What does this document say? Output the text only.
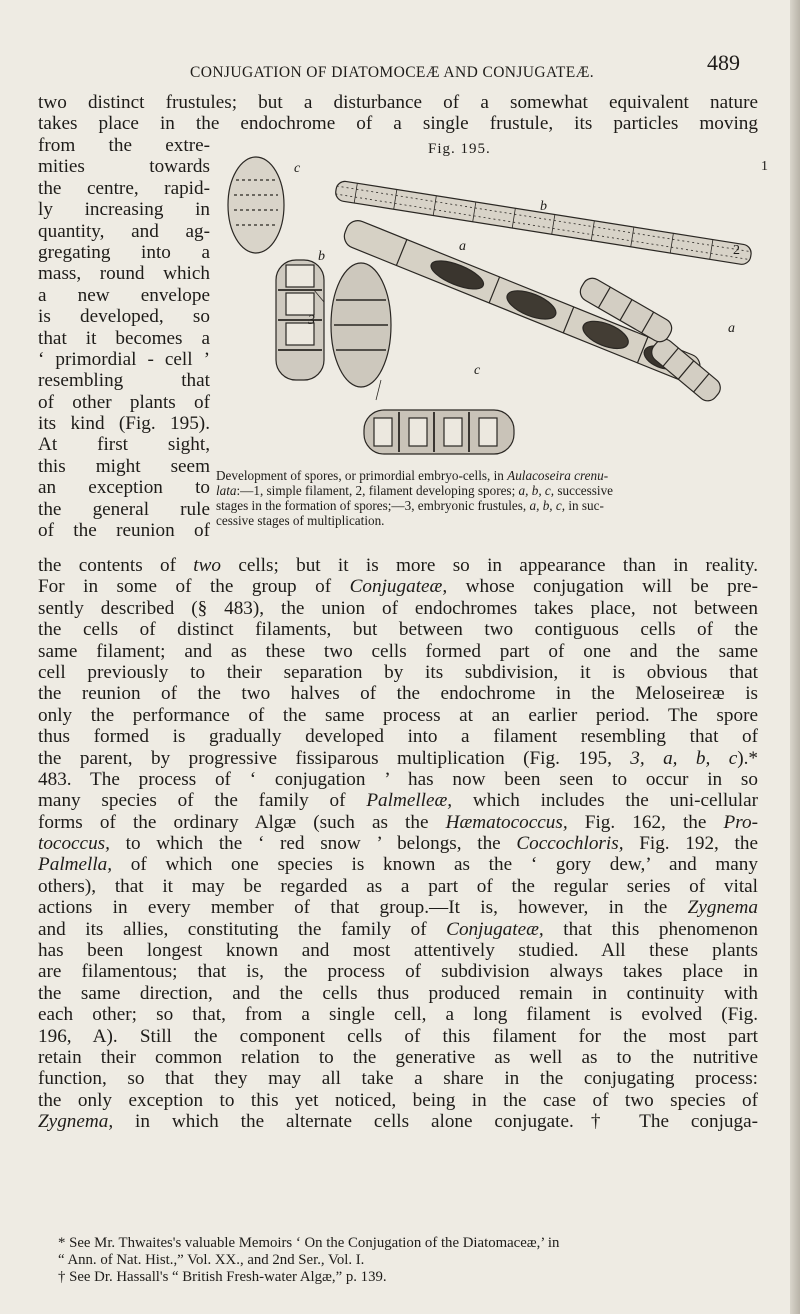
CONJUGATION OF DIATOMOCEÆ AND CONJUGATEÆ.	489
two distinct frustules; but a disturbance of a somewhat equivalent nature
takes place in the endochrome of a single frustule, its particles moving
from the extre-
mities towards
the centre, rapid-
ly increasing in
quantity, and ag-
gregating into a
mass, round which
a new envelope
is developed, so
that it becomes a
‘ primordial - cell ’
resembling that
of other plants of
its kind (Fig. 195).
At first sight,
this might seem
an exception to
the general rule
of the reunion of
Fig. 195.
c	1
b
b
a	2
a
3
c
Development of spores, or primordial embryo-cells, in Aulacoseira crenu-
lata:—1, simple filament, 2, filament developing spores; a, b, c, successive
stages in the formation of spores;—3, embryonic frustules, a, b, c, in suc-
cessive stages of multiplication.
the contents of two cells; but it is more so in appearance than in reality.
For in some of the group of Conjugateæ, whose conjugation will be pre-
sently described (§ 483), the union of endochromes takes place, not between
the cells of distinct filaments, but between two contiguous cells of the
same filament; and as these two cells formed part of one and the same
cell previously to their separation by its subdivision, it is obvious that
the reunion of the two halves of the endochrome in the Meloseireæ is
only the performance of the same process at an earlier period. The spore
thus formed is gradually developed into a filament resembling that of
the parent, by progressive fissiparous multiplication (Fig. 195, 3, a, b, c).*
483. The process of ‘ conjugation ’ has now been seen to occur in so
many species of the family of Palmelleæ, which includes the uni-cellular
forms of the ordinary Algæ (such as the Hæmatococcus, Fig. 162, the Pro-
tococcus, to which the ‘ red snow ’ belongs, the Coccochloris, Fig. 192, the
Palmella, of which one species is known as the ‘ gory dew,’ and many
others), that it may be regarded as a part of the regular series of vital
actions in every member of that group.—It is, however, in the Zygnema
and its allies, constituting the family of Conjugateæ, that this phenomenon
has been longest known and most attentively studied. All these plants
are filamentous; that is, the process of subdivision always takes place in
the same direction, and the cells thus produced remain in continuity with
each other; so that, from a single cell, a long filament is evolved (Fig.
196, A). Still the component cells of this filament for the most part
retain their common relation to the generative as well as to the nutritive
function, so that they may all take a share in the conjugating process:
the only exception to this yet noticed, being in the case of two species of
Zygnema, in which the alternate cells alone conjugate.† The conjuga-
* See Mr. Thwaites's valuable Memoirs ‘ On the Conjugation of the Diatomaceæ,’ in
“ Ann. of Nat. Hist.,” Vol. XX., and 2nd Ser., Vol. I.
† See Dr. Hassall's “ British Fresh-water Algæ,” p. 139.
